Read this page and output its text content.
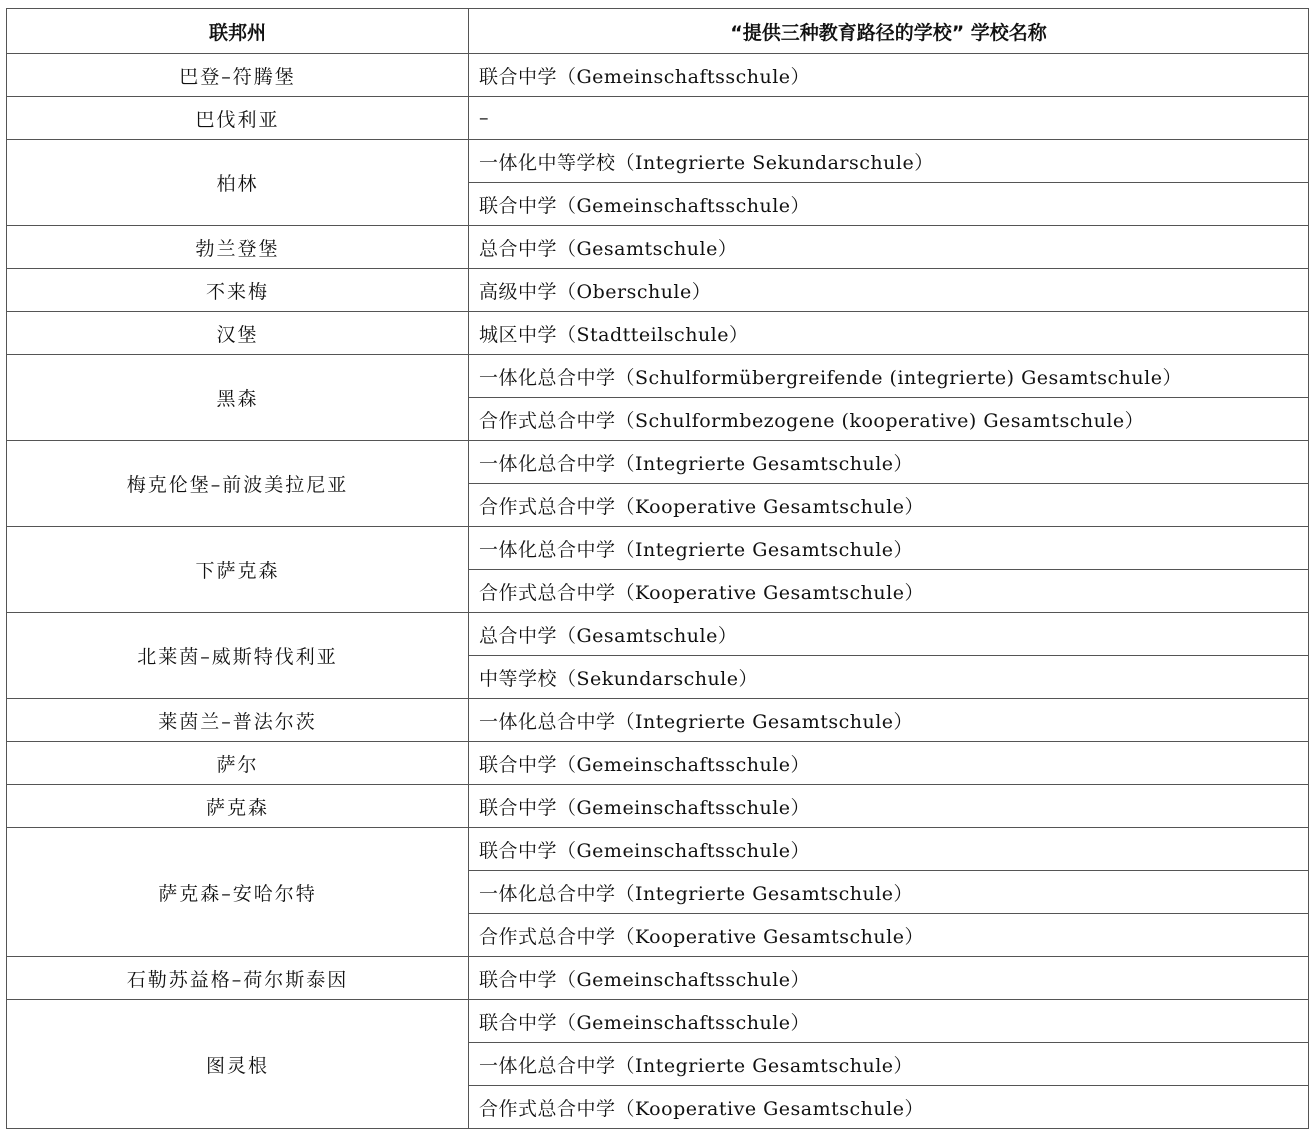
联邦州	“提供三种教育路径的学校” 学校名称
巴登–符腾堡	联合中学（Gemeinschaftsschule）
巴伐利亚	–
柏林	一体化中等学校（Integrierte Sekundarschule）
	联合中学（Gemeinschaftsschule）
勃兰登堡	总合中学（Gesamtschule）
不来梅	高级中学（Oberschule）
汉堡	城区中学（Stadtteilschule）
黑森	一体化总合中学（Schulformübergreifende (integrierte) Gesamtschule）
	合作式总合中学（Schulformbezogene (kooperative) Gesamtschule）
梅克伦堡–前波美拉尼亚	一体化总合中学（Integrierte Gesamtschule）
	合作式总合中学（Kooperative Gesamtschule）
下萨克森	一体化总合中学（Integrierte Gesamtschule）
	合作式总合中学（Kooperative Gesamtschule）
北莱茵–威斯特伐利亚	总合中学（Gesamtschule）
	中等学校（Sekundarschule）
莱茵兰–普法尔茨	一体化总合中学（Integrierte Gesamtschule）
萨尔	联合中学（Gemeinschaftsschule）
萨克森	联合中学（Gemeinschaftsschule）
萨克森–安哈尔特	联合中学（Gemeinschaftsschule）
	一体化总合中学（Integrierte Gesamtschule）
	合作式总合中学（Kooperative Gesamtschule）
石勒苏益格–荷尔斯泰因	联合中学（Gemeinschaftsschule）
图灵根	联合中学（Gemeinschaftsschule）
	一体化总合中学（Integrierte Gesamtschule）
	合作式总合中学（Kooperative Gesamtschule）
